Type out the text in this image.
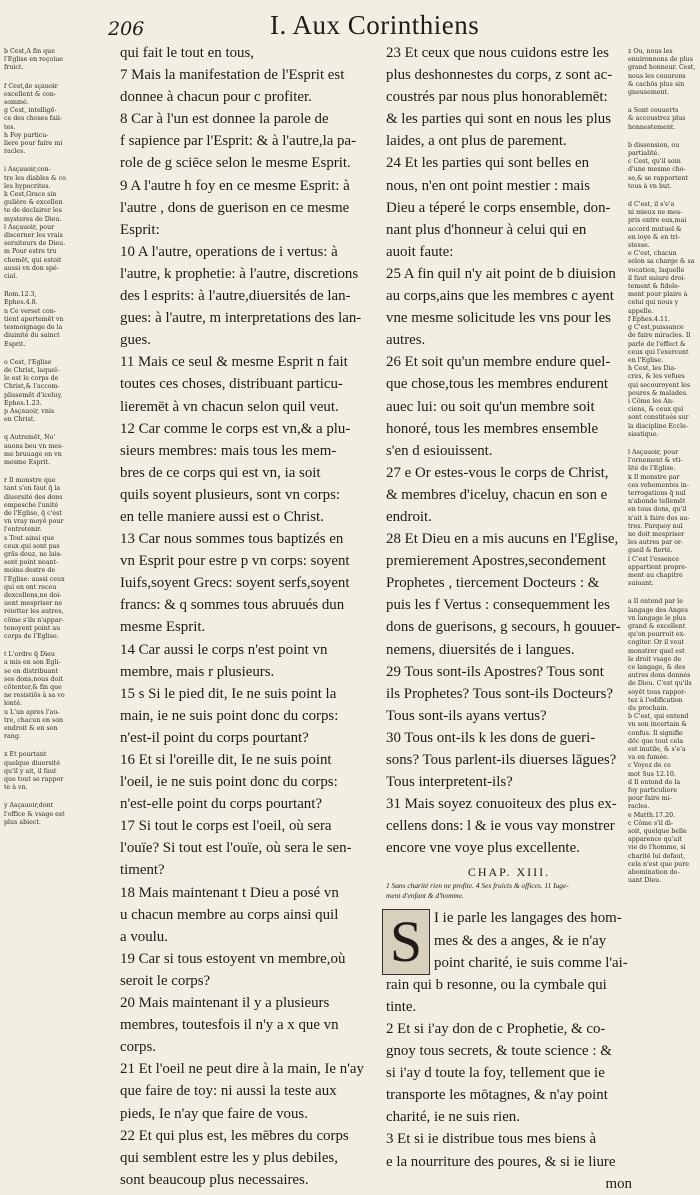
206	I. Aux Corinthiens
b Cest,A fin que
l'Eglise en reçoiue
fruict.
f Cest,de sçauoir
excellent & con-
sommé.
g Cest, intelligē-
ce des choses faii-
tes.
h Foy particu-
liere pour faire mi
racles.
i Asçauoir,con-
tre les diables & co
les hypocrites.
k Cest,Grace sin
gulière & excellen
te de declairer les
mysteres de Dieu.
l Asçauoir, pour
discerner les vrais
seruiteurs de Dieu.
m Pour estre tru
chemēt, qui estoit
aussi vn don spé-
cial.
Rom.12.3,
Ephes.4.8.
n Ce verset con-
tient apertemēt vn
tesmoignage de la
diuinité du sainct
Esprit.
o Cest, l'Eglise
de Christ, laquel-
le est le corps de
Christ,& l'accom-
plissemēt d'iceluy,
Ephes.1.23.
p Asçauoir, vnis
en Christ.
q Autremēt, No'
auons beu vn mes-
me bruuage en vn
mesme Esprit.
r Il monstre que
tant s'en faut q̄ la
diuersité des dons
empesche l'unité
de l'Eglise, q̄ c'est
vn vray moyē pour
l'entretenir.
s Tout ainsi que
ceux qui sont pas
grās douz, ne lais-
sent point neant-
moins destre de
l'Eglise: aussi ceux
qui en ont receu
dexcellens,ne doi-
uent mespriser ne
reietter les autres,
cōme s'ils n'appar-
tenoyent point au
corps de l'Eglise.
t L'ordre q̄ Dieu
a mis en son Egli-
se en distribuant
ses dons,nous doit
cōtenter,& fin que
ne resistiōs à sa vo
lonté.
u L'un apres l'au-
tre, chacun en son
endroit & en son
rang.
x Et pourtant
quelque diuersité
qu'il y ait, il faut
que tout se rappor
te à vn.
y Asçauoir,dont
l'office & vsage est
plus abiect.
z Ou, nous les
enuironnons de plus
grand honneur. Cest,
nous les couurons
& cachōs plus sin
gneusement.
a Sont couuerts
& accoustrez plus
honnestement.
b dissension, ou
partialité.
c Cest, qu'il soin
d'une mesme cho-
se,& se rapportent
tous à vn but.
d C'est, il s'e'a
ni mieux ne mes-
pris entre eux,mai
accord mutuel &
en ioye & en tri-
stesse.
e C'est, chacun
selon sa charge & sa
vocation, laquelle
il faut suiure droi-
tement & fidele-
ment pour plaire à
celui qui nous y
appelle.
f Ephes.4.11.
g C'est,puissance
de faire miracles. Il
parle de l'effect &
ceux qui l'exercent
en l'Eglise.
h Cest, les Dia-
cres, & les vefues
qui secouroyent les
poures & malades.
i Côme les An-
ciens, & ceux qui
sont constitués sur
la discipline Eccle-
siastique.
l Asçauoir, pour
l'ornement & vti-
lité de l'Eglise.
k Il monstre par
ces vehementes in-
terrogations q̄ nul
n'abonde tellemēt
en tous dons, qu'il
n'ait à faire des au-
tres. Parquoy nul
ne doit mespriser
les autres par or-
gueil & fierté.
l C'est l'essence
appartient propre-
ment au chapitre
suiuant.
a Il entend par le
langage des Anges
vn langage le plus
grand & excellent
qu'on pourroit ex-
cogiter. Or il veut
monstrer quel est
le droit vsage de
ce langage, & des
autres dons donnés
de Dieu. C'est qu'ils
soyēt tous rappor-
tez à l'edification
du prochain.
b C'est, qui entend
vn son incertain &
confus. Il signifie
dōc que tout cela
est inutile, & s'e'a
va en fumée.
c Voyez de ce
mot Sus 12.10.
d Il entend de la
foy particuliere
pour faire mi-
racles.
e Matth.17.20.
c Côme s'il di-
soit, quelque belle
apparence qu'ait
vie de l'homme, si
charité lui defaut,
cela n'est que pure
abomination de-
uant Dieu.
qui fait le tout en tous,
7 Mais la manifestation de l'Esprit est
donnee à chacun pour c profiter.
8 Car à l'un est donnee la parole de
f sapience par l'Esprit: & à l'autre,la pa-
role de g sciēce selon le mesme Esprit.
9 A l'autre h foy en ce mesme Esprit: à
l'autre , dons de guerison en ce mesme
Esprit:
10 A l'autre, operations de i vertus: à
l'autre, k prophetie: à l'autre, discretions
des l esprits: à l'autre,diuersités de lan-
gues: à l'autre, m interpretations des lan-
gues.
11 Mais ce seul & mesme Esprit n fait
toutes ces choses, distribuant particu-
lieremēt à vn chacun selon quil veut.
12 Car comme le corps est vn,& a plu-
sieurs membres: mais tous les mem-
bres de ce corps qui est vn, ia soit
quils soyent plusieurs, sont vn corps:
en telle maniere aussi est o Christ.
13 Car nous sommes tous baptizés en
vn Esprit pour estre p vn corps: soyent
Iuifs,soyent Grecs: soyent serfs,soyent
francs: & q sommes tous abruués dun
mesme Esprit.
14 Car aussi le corps n'est point vn
membre, mais r plusieurs.
15 s Si le pied dit, Ie ne suis point la
main, ie ne suis point donc du corps:
n'est-il point du corps pourtant?
16 Et si l'oreille dit, Ie ne suis point
l'oeil, ie ne suis point donc du corps:
n'est-elle point du corps pourtant?
17 Si tout le corps est l'oeil, où sera
l'ouïe? Si tout est l'ouïe, où sera le sen-
timent?
18 Mais maintenant t Dieu a posé vn
u chacun membre au corps ainsi quil
a voulu.
19 Car si tous estoyent vn membre,où
seroit le corps?
20 Mais maintenant il y a plusieurs
membres, toutesfois il n'y a x que vn
corps.
21 Et l'oeil ne peut dire à la main, Ie n'ay
que faire de toy: ni aussi la teste aux
pieds, Ie n'ay que faire de vous.
22 Et qui plus est, les mēbres du corps
qui semblent estre les y plus debiles,
sont beaucoup plus necessaires.
23 Et ceux que nous cuidons estre les
plus deshonnestes du corps, z sont ac-
coustrés par nous plus honorablemēt:
& les parties qui sont en nous les plus
laides, a ont plus de parement.
24 Et les parties qui sont belles en
nous, n'en ont point mestier : mais
Dieu a téperé le corps ensemble, don-
nant plus d'honneur à celui qui en
auoit faute:
25 A fin quil n'y ait point de b diuision
au corps,ains que les membres c ayent
vne mesme solicitude les vns pour les
autres.
26 Et soit qu'un membre endure quel-
que chose,tous les membres endurent
auec lui: ou soit qu'un membre soit
honoré, tous les membres ensemble
s'en d esiouissent.
27 e Or estes-vous le corps de Christ,
& membres d'iceluy, chacun en son e
endroit.
28 Et Dieu en a mis aucuns en l'Eglise,
premierement Apostres,secondement
Prophetes , tiercement Docteurs : &
puis les f Vertus : consequemment les
dons de guerisons, g secours, h gouuer-
nemens, diuersités de i langues.
29 Tous sont-ils Apostres? Tous sont
ils Prophetes? Tous sont-ils Docteurs?
Tous sont-ils ayans vertus?
30 Tous ont-ils k les dons de gueri-
sons? Tous parlent-ils diuerses lāgues?
Tous interpretent-ils?
31 Mais soyez conuoiteux des plus ex-
cellens dons: l & ie vous vay monstrer
encore vne voye plus excellente.
CHAP. XIII.
1 Sans charité rien ne profite. 4 Ses fruicts & offices. 11 Iuge-
ment d'enfant & d'homme.
S I ie parle les langages des hom-
mes & des a anges, & ie n'ay
point charité, ie suis comme l'ai-
rain qui b resonne, ou la cymbale qui
tinte.
2 Et si i'ay don de c Prophetie, & co-
gnoy tous secrets, & toute science : &
si i'ay d toute la foy, tellement que ie
transporte les mōtagnes, & n'ay point
charité, ie ne suis rien.
3 Et si ie distribue tous mes biens à
e la nourriture des poures, & si ie liure
mon
